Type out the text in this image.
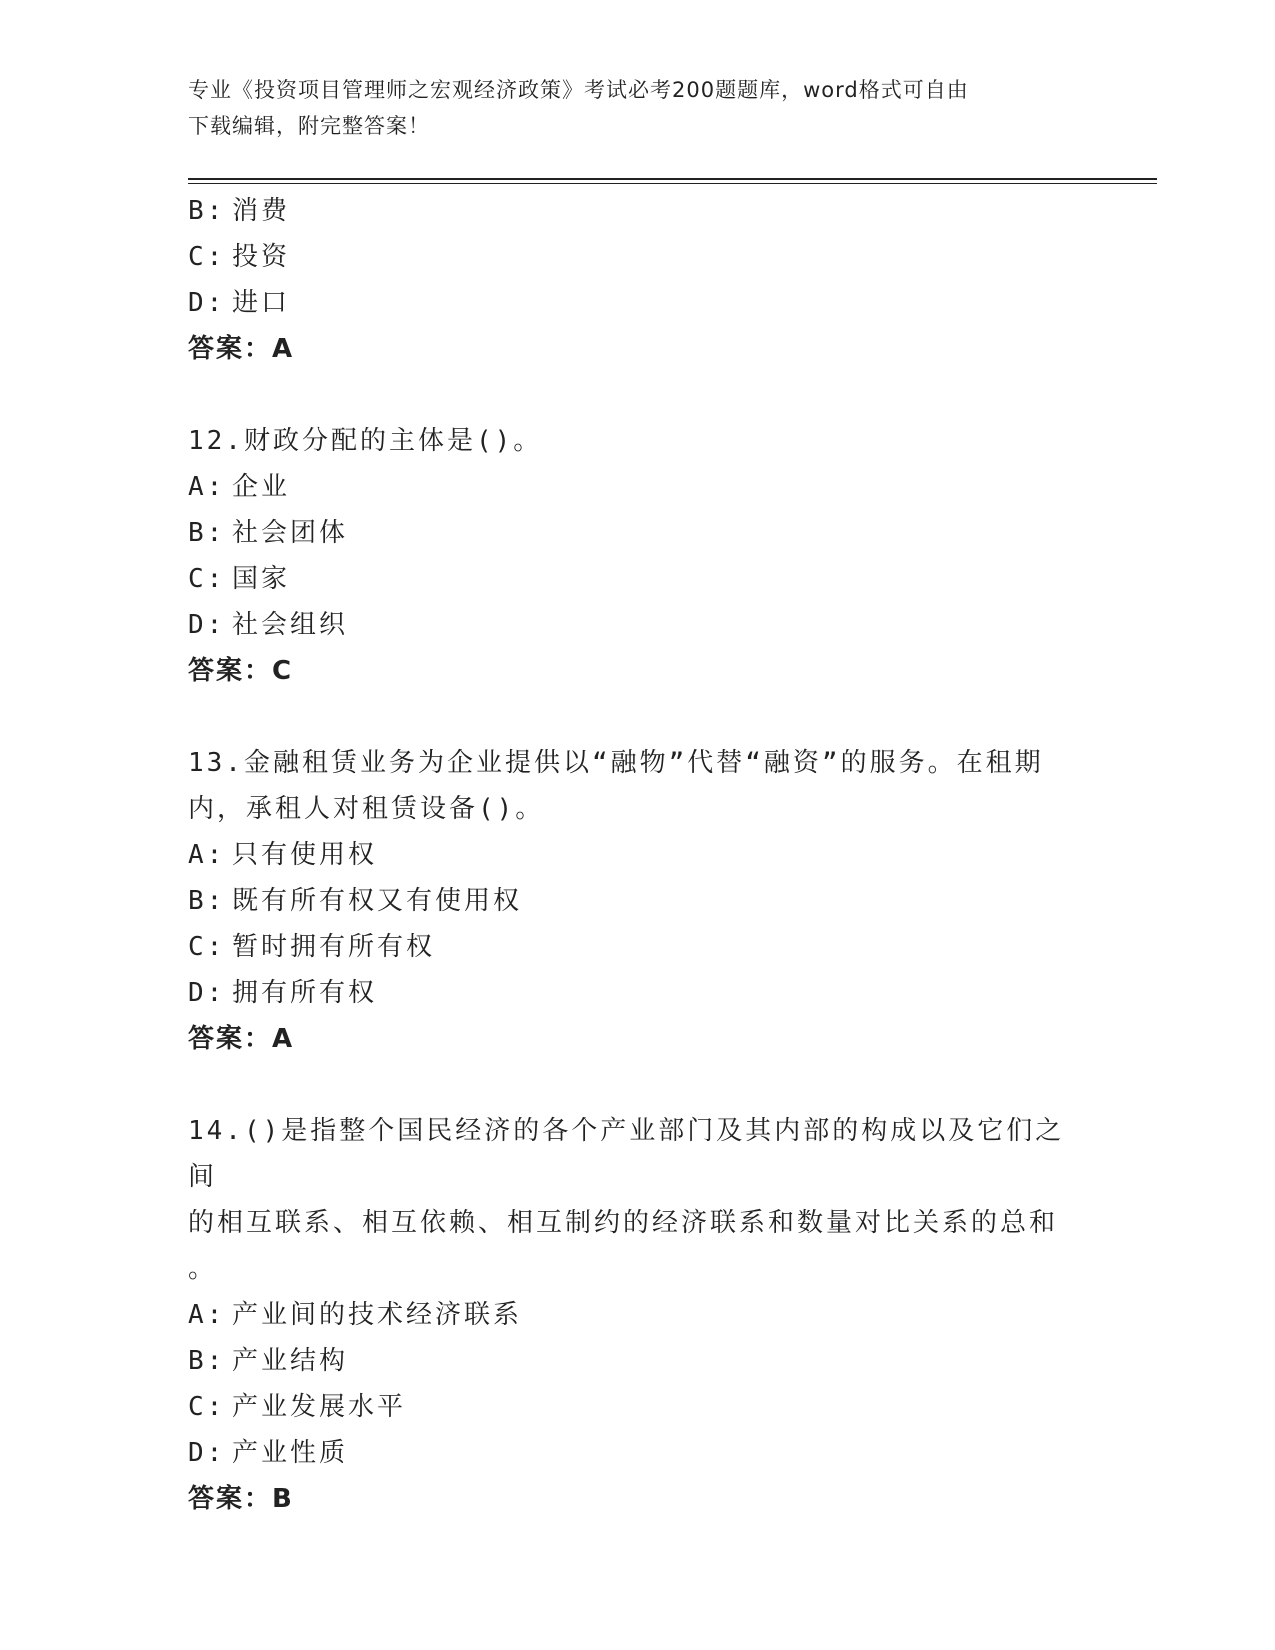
专业《投资项目管理师之宏观经济政策》考试必考200题题库，word格式可自由
下载编辑，附完整答案！
B: 消费
C: 投资
D: 进口
答案：A
12.财政分配的主体是()。
A: 企业
B: 社会团体
C: 国家
D: 社会组织
答案：C
13.金融租赁业务为企业提供以“融物”代替“融资”的服务。在租期
内，承租人对租赁设备()。
A: 只有使用权
B: 既有所有权又有使用权
C: 暂时拥有所有权
D: 拥有所有权
答案：A
14.()是指整个国民经济的各个产业部门及其内部的构成以及它们之间
的相互联系、相互依赖、相互制约的经济联系和数量对比关系的总和
。
A: 产业间的技术经济联系
B: 产业结构
C: 产业发展水平
D: 产业性质
答案：B
